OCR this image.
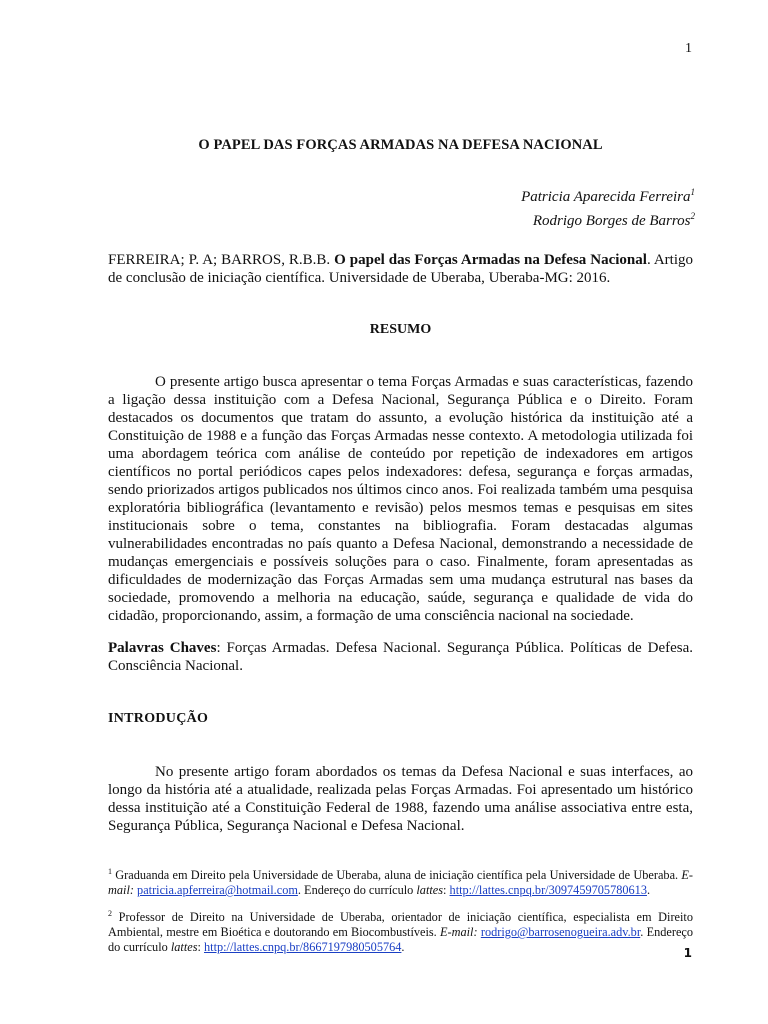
1
O PAPEL DAS FORÇAS ARMADAS NA DEFESA NACIONAL
Patricia Aparecida Ferreira$^1$
Rodrigo Borges de Barros$^2$
FERREIRA; P. A; BARROS, R.B.B. O papel das Forças Armadas na Defesa Nacional. Artigo de conclusão de iniciação científica. Universidade de Uberaba, Uberaba-MG: 2016.
RESUMO
O presente artigo busca apresentar o tema Forças Armadas e suas características, fazendo a ligação dessa instituição com a Defesa Nacional, Segurança Pública e o Direito. Foram destacados os documentos que tratam do assunto, a evolução histórica da instituição até a Constituição de 1988 e a função das Forças Armadas nesse contexto. A metodologia utilizada foi uma abordagem teórica com análise de conteúdo por repetição de indexadores em artigos científicos no portal periódicos capes pelos indexadores: defesa, segurança e forças armadas, sendo priorizados artigos publicados nos últimos cinco anos. Foi realizada também uma pesquisa exploratória bibliográfica (levantamento e revisão) pelos mesmos temas e pesquisas em sites institucionais sobre o tema, constantes na bibliografia. Foram destacadas algumas vulnerabilidades encontradas no país quanto a Defesa Nacional, demonstrando a necessidade de mudanças emergenciais e possíveis soluções para o caso. Finalmente, foram apresentadas as dificuldades de modernização das Forças Armadas sem uma mudança estrutural nas bases da sociedade, promovendo a melhoria na educação, saúde, segurança e qualidade de vida do cidadão, proporcionando, assim, a formação de uma consciência nacional na sociedade.
Palavras Chaves: Forças Armadas. Defesa Nacional. Segurança Pública. Políticas de Defesa. Consciência Nacional.
INTRODUÇÃO
No presente artigo foram abordados os temas da Defesa Nacional e suas interfaces, ao longo da história até a atualidade, realizada pelas Forças Armadas. Foi apresentado um histórico dessa instituição até a Constituição Federal de 1988, fazendo uma análise associativa entre esta, Segurança Pública, Segurança Nacional e Defesa Nacional.
$^1$ Graduanda em Direito pela Universidade de Uberaba, aluna de iniciação científica pela Universidade de Uberaba. E-mail: patricia.apferreira@hotmail.com. Endereço do currículo lattes: http://lattes.cnpq.br/3097459705780613.
$^2$ Professor de Direito na Universidade de Uberaba, orientador de iniciação científica, especialista em Direito Ambiental, mestre em Bioética e doutorando em Biocombustíveis. E-mail: rodrigo@barrosenogueira.adv.br. Endereço do currículo lattes: http://lattes.cnpq.br/8667197980505764.	1
